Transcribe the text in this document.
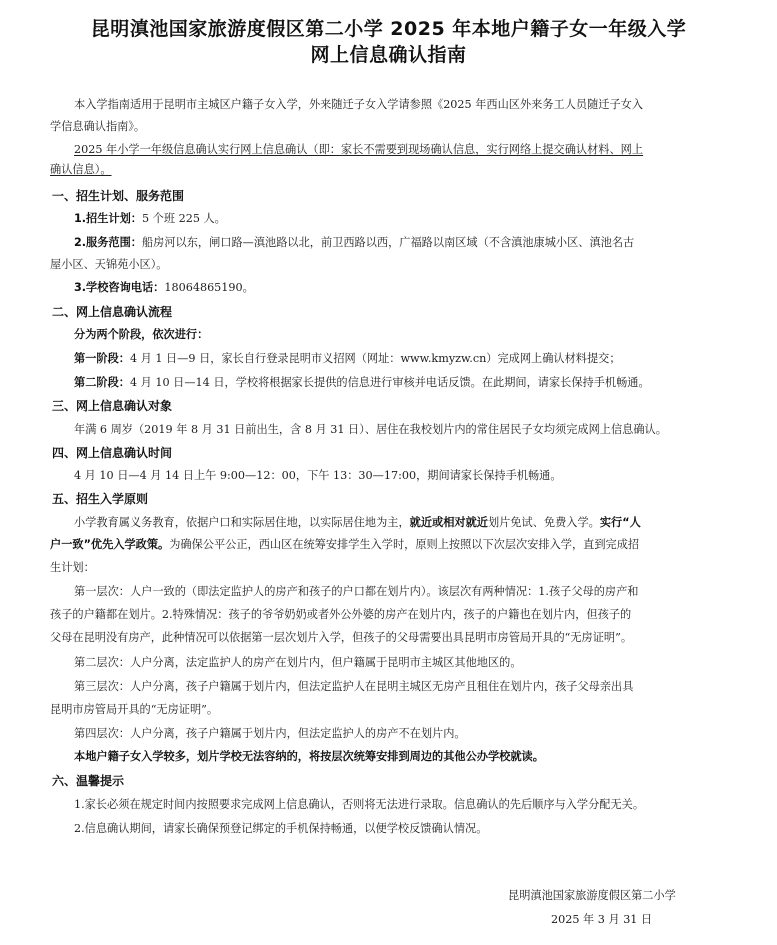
昆明滇池国家旅游度假区第二小学 2025 年本地户籍子女一年级入学
网上信息确认指南
本入学指南适用于昆明市主城区户籍子女入学，外来随迁子女入学请参照《2025 年西山区外来务工人员随迁子女入
学信息确认指南》。
2025 年小学一年级信息确认实行网上信息确认（即：家长不需要到现场确认信息，实行网络上提交确认材料、网上
确认信息）。
一、招生计划、服务范围
1.招生计划：5 个班 225 人。
2.服务范围：船房河以东，闸口路—滇池路以北，前卫西路以西，广福路以南区域（不含滇池康城小区、滇池名古
屋小区、天锦苑小区）。
3.学校咨询电话：18064865190。
二、网上信息确认流程
分为两个阶段，依次进行：
第一阶段：4 月 1 日—9 日，家长自行登录昆明市义招网（网址：www.kmyzw.cn）完成网上确认材料提交；
第二阶段：4 月 10 日—14 日，学校将根据家长提供的信息进行审核并电话反馈。在此期间，请家长保持手机畅通。
三、网上信息确认对象
年满 6 周岁（2019 年 8 月 31 日前出生，含 8 月 31 日）、居住在我校划片内的常住居民子女均须完成网上信息确认。
四、网上信息确认时间
4 月 10 日—4 月 14 日上午 9:00—12：00，下午 13：30—17:00，期间请家长保持手机畅通。
五、招生入学原则
小学教育属义务教育，依据户口和实际居住地，以实际居住地为主，就近或相对就近划片免试、免费入学。实行“人
户一致”优先入学政策。为确保公平公正，西山区在统筹安排学生入学时，原则上按照以下次层次安排入学，直到完成招
生计划：
第一层次：人户一致的（即法定监护人的房产和孩子的户口都在划片内）。该层次有两种情况：1.孩子父母的房产和
孩子的户籍都在划片。2.特殊情况：孩子的爷爷奶奶或者外公外婆的房产在划片内，孩子的户籍也在划片内，但孩子的
父母在昆明没有房产，此种情况可以依据第一层次划片入学，但孩子的父母需要出具昆明市房管局开具的“无房证明”。
第二层次：人户分离，法定监护人的房产在划片内，但户籍属于昆明市主城区其他地区的。
第三层次：人户分离，孩子户籍属于划片内，但法定监护人在昆明主城区无房产且租住在划片内，孩子父母亲出具
昆明市房管局开具的“无房证明”。
第四层次：人户分离，孩子户籍属于划片内，但法定监护人的房产不在划片内。
本地户籍子女入学较多，划片学校无法容纳的，将按层次统筹安排到周边的其他公办学校就读。
六、温馨提示
1.家长必须在规定时间内按照要求完成网上信息确认，否则将无法进行录取。信息确认的先后顺序与入学分配无关。
2.信息确认期间，请家长确保预登记绑定的手机保持畅通，以便学校反馈确认情况。
昆明滇池国家旅游度假区第二小学
2025 年 3 月 31 日
